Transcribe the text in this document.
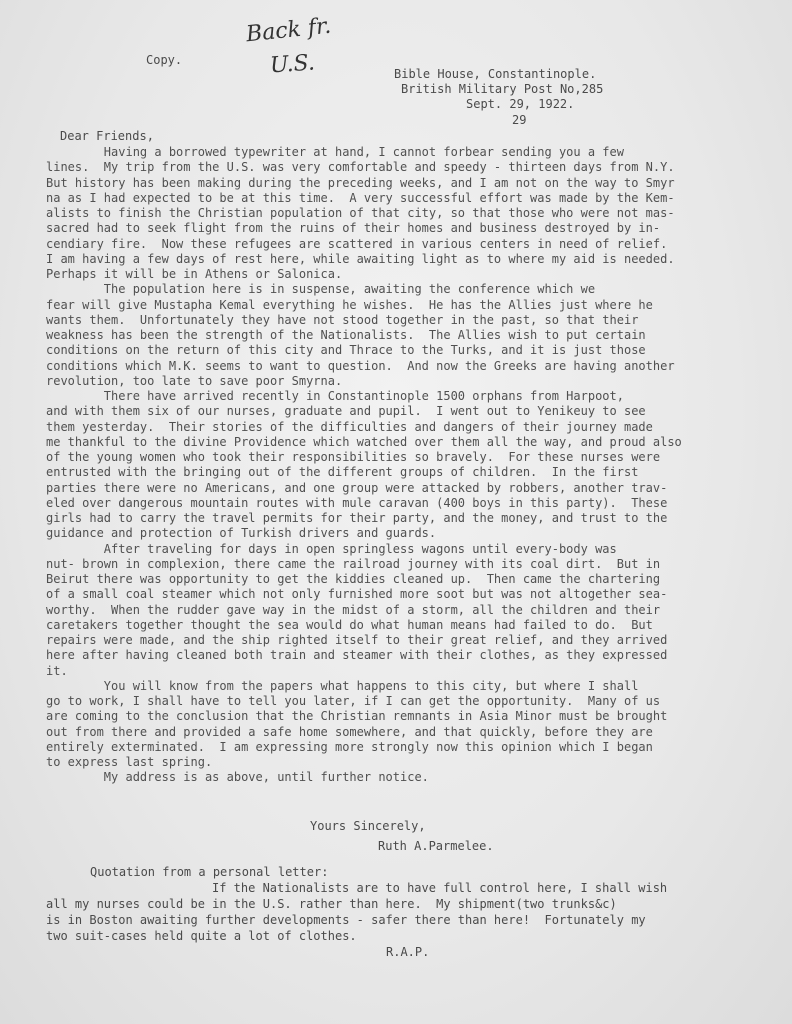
Back fr.
U.S.
Copy.
Bible House, Constantinople.
British Military Post No,285
Sept. 29, 1922.
29
Dear Friends,
Having a borrowed typewriter at hand, I cannot forbear sending you a few
lines.  My trip from the U.S. was very comfortable and speedy - thirteen days from N.Y.
But history has been making during the preceding weeks, and I am not on the way to Smyr
na as I had expected to be at this time.  A very successful effort was made by the Kem-
alists to finish the Christian population of that city, so that those who were not mas-
sacred had to seek flight from the ruins of their homes and business destroyed by in-
cendiary fire.  Now these refugees are scattered in various centers in need of relief.
I am having a few days of rest here, while awaiting light as to where my aid is needed.
Perhaps it will be in Athens or Salonica.
The population here is in suspense, awaiting the conference which we
fear will give Mustapha Kemal everything he wishes.  He has the Allies just where he
wants them.  Unfortunately they have not stood together in the past, so that their
weakness has been the strength of the Nationalists.  The Allies wish to put certain
conditions on the return of this city and Thrace to the Turks, and it is just those
conditions which M.K. seems to want to question.  And now the Greeks are having another
revolution, too late to save poor Smyrna.
There have arrived recently in Constantinople 1500 orphans from Harpoot,
and with them six of our nurses, graduate and pupil.  I went out to Yenikeuy to see
them yesterday.  Their stories of the difficulties and dangers of their journey made
me thankful to the divine Providence which watched over them all the way, and proud also
of the young women who took their responsibilities so bravely.  For these nurses were
entrusted with the bringing out of the different groups of children.  In the first
parties there were no Americans, and one group were attacked by robbers, another trav-
eled over dangerous mountain routes with mule caravan (400 boys in this party).  These
girls had to carry the travel permits for their party, and the money, and trust to the
guidance and protection of Turkish drivers and guards.
After traveling for days in open springless wagons until every-body was
nut- brown in complexion, there came the railroad journey with its coal dirt.  But in
Beirut there was opportunity to get the kiddies cleaned up.  Then came the chartering
of a small coal steamer which not only furnished more soot but was not altogether sea-
worthy.  When the rudder gave way in the midst of a storm, all the children and their
caretakers together thought the sea would do what human means had failed to do.  But
repairs were made, and the ship righted itself to their great relief, and they arrived
here after having cleaned both train and steamer with their clothes, as they expressed
it.
You will know from the papers what happens to this city, but where I shall
go to work, I shall have to tell you later, if I can get the opportunity.  Many of us
are coming to the conclusion that the Christian remnants in Asia Minor must be brought
out from there and provided a safe home somewhere, and that quickly, before they are
entirely exterminated.  I am expressing more strongly now this opinion which I began
to express last spring.
My address is as above, until further notice.
Yours Sincerely,
Ruth A.Parmelee.
Quotation from a personal letter:
If the Nationalists are to have full control here, I shall wish
all my nurses could be in the U.S. rather than here.  My shipment(two trunks&c)
is in Boston awaiting further developments - safer there than here!  Fortunately my
two suit-cases held quite a lot of clothes.
R.A.P.
